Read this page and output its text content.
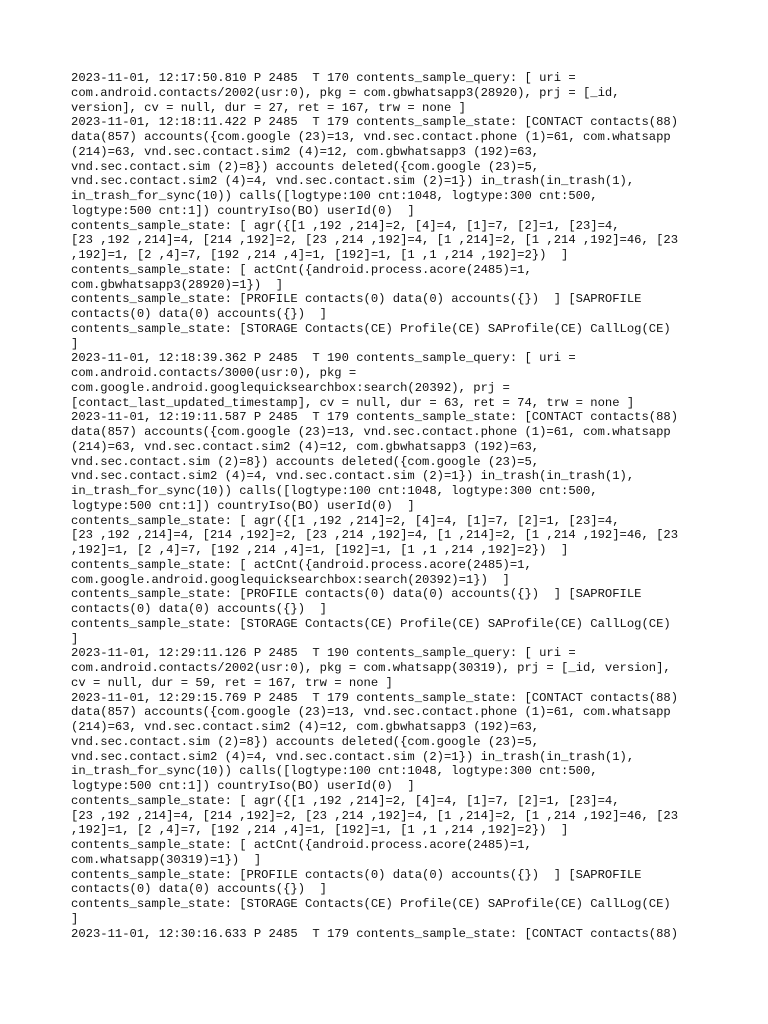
2023-11-01, 12:17:50.810 P 2485  T 170 contents_sample_query: [ uri =
com.android.contacts/2002(usr:0), pkg = com.gbwhatsapp3(28920), prj = [_id,
version], cv = null, dur = 27, ret = 167, trw = none ]
2023-11-01, 12:18:11.422 P 2485  T 179 contents_sample_state: [CONTACT contacts(88)
data(857) accounts({com.google (23)=13, vnd.sec.contact.phone (1)=61, com.whatsapp
(214)=63, vnd.sec.contact.sim2 (4)=12, com.gbwhatsapp3 (192)=63,
vnd.sec.contact.sim (2)=8}) accounts deleted({com.google (23)=5,
vnd.sec.contact.sim2 (4)=4, vnd.sec.contact.sim (2)=1}) in_trash(in_trash(1),
in_trash_for_sync(10)) calls([logtype:100 cnt:1048, logtype:300 cnt:500,
logtype:500 cnt:1]) countryIso(BO) userId(0)  ]
contents_sample_state: [ agr({[1 ,192 ,214]=2, [4]=4, [1]=7, [2]=1, [23]=4,
[23 ,192 ,214]=4, [214 ,192]=2, [23 ,214 ,192]=4, [1 ,214]=2, [1 ,214 ,192]=46, [23
,192]=1, [2 ,4]=7, [192 ,214 ,4]=1, [192]=1, [1 ,1 ,214 ,192]=2})  ]
contents_sample_state: [ actCnt({android.process.acore(2485)=1,
com.gbwhatsapp3(28920)=1})  ]
contents_sample_state: [PROFILE contacts(0) data(0) accounts({})  ] [SAPROFILE
contacts(0) data(0) accounts({})  ]
contents_sample_state: [STORAGE Contacts(CE) Profile(CE) SAProfile(CE) CallLog(CE)
]
2023-11-01, 12:18:39.362 P 2485  T 190 contents_sample_query: [ uri =
com.android.contacts/3000(usr:0), pkg =
com.google.android.googlequicksearchbox:search(20392), prj =
[contact_last_updated_timestamp], cv = null, dur = 63, ret = 74, trw = none ]
2023-11-01, 12:19:11.587 P 2485  T 179 contents_sample_state: [CONTACT contacts(88)
data(857) accounts({com.google (23)=13, vnd.sec.contact.phone (1)=61, com.whatsapp
(214)=63, vnd.sec.contact.sim2 (4)=12, com.gbwhatsapp3 (192)=63,
vnd.sec.contact.sim (2)=8}) accounts deleted({com.google (23)=5,
vnd.sec.contact.sim2 (4)=4, vnd.sec.contact.sim (2)=1}) in_trash(in_trash(1),
in_trash_for_sync(10)) calls([logtype:100 cnt:1048, logtype:300 cnt:500,
logtype:500 cnt:1]) countryIso(BO) userId(0)  ]
contents_sample_state: [ agr({[1 ,192 ,214]=2, [4]=4, [1]=7, [2]=1, [23]=4,
[23 ,192 ,214]=4, [214 ,192]=2, [23 ,214 ,192]=4, [1 ,214]=2, [1 ,214 ,192]=46, [23
,192]=1, [2 ,4]=7, [192 ,214 ,4]=1, [192]=1, [1 ,1 ,214 ,192]=2})  ]
contents_sample_state: [ actCnt({android.process.acore(2485)=1,
com.google.android.googlequicksearchbox:search(20392)=1})  ]
contents_sample_state: [PROFILE contacts(0) data(0) accounts({})  ] [SAPROFILE
contacts(0) data(0) accounts({})  ]
contents_sample_state: [STORAGE Contacts(CE) Profile(CE) SAProfile(CE) CallLog(CE)
]
2023-11-01, 12:29:11.126 P 2485  T 190 contents_sample_query: [ uri =
com.android.contacts/2002(usr:0), pkg = com.whatsapp(30319), prj = [_id, version],
cv = null, dur = 59, ret = 167, trw = none ]
2023-11-01, 12:29:15.769 P 2485  T 179 contents_sample_state: [CONTACT contacts(88)
data(857) accounts({com.google (23)=13, vnd.sec.contact.phone (1)=61, com.whatsapp
(214)=63, vnd.sec.contact.sim2 (4)=12, com.gbwhatsapp3 (192)=63,
vnd.sec.contact.sim (2)=8}) accounts deleted({com.google (23)=5,
vnd.sec.contact.sim2 (4)=4, vnd.sec.contact.sim (2)=1}) in_trash(in_trash(1),
in_trash_for_sync(10)) calls([logtype:100 cnt:1048, logtype:300 cnt:500,
logtype:500 cnt:1]) countryIso(BO) userId(0)  ]
contents_sample_state: [ agr({[1 ,192 ,214]=2, [4]=4, [1]=7, [2]=1, [23]=4,
[23 ,192 ,214]=4, [214 ,192]=2, [23 ,214 ,192]=4, [1 ,214]=2, [1 ,214 ,192]=46, [23
,192]=1, [2 ,4]=7, [192 ,214 ,4]=1, [192]=1, [1 ,1 ,214 ,192]=2})  ]
contents_sample_state: [ actCnt({android.process.acore(2485)=1,
com.whatsapp(30319)=1})  ]
contents_sample_state: [PROFILE contacts(0) data(0) accounts({})  ] [SAPROFILE
contacts(0) data(0) accounts({})  ]
contents_sample_state: [STORAGE Contacts(CE) Profile(CE) SAProfile(CE) CallLog(CE)
]
2023-11-01, 12:30:16.633 P 2485  T 179 contents_sample_state: [CONTACT contacts(88)
